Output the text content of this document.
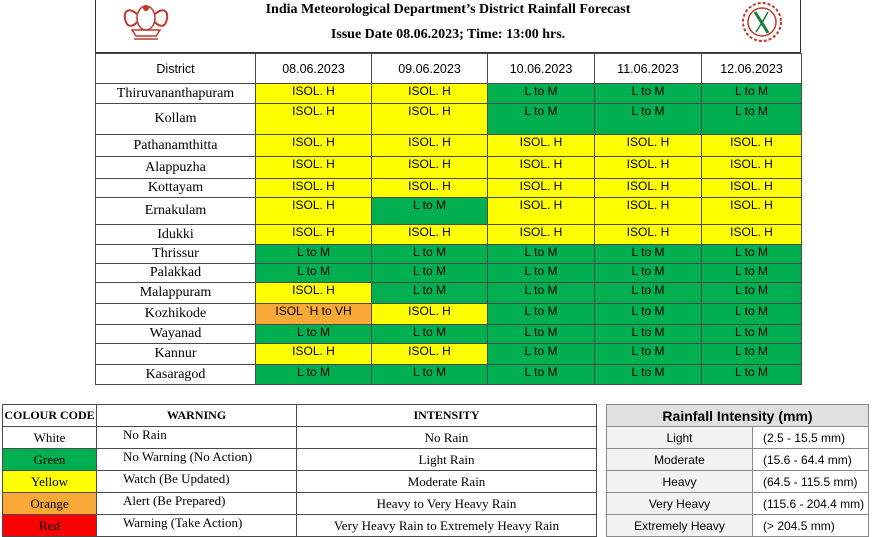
India Meteorological Department’s District Rainfall Forecast
Issue Date 08.06.2023; Time: 13:00 hrs.
District	08.06.2023	09.06.2023	10.06.2023	11.06.2023	12.06.2023
Thiruvananthapuram	ISOL. H	ISOL. H	L to M	L to M	L to M
Kollam	ISOL. H	ISOL. H	L to M	L to M	L to M
Pathanamthitta	ISOL. H	ISOL. H	ISOL. H	ISOL. H	ISOL. H
Alappuzha	ISOL. H	ISOL. H	ISOL. H	ISOL. H	ISOL. H
Kottayam	ISOL. H	ISOL. H	ISOL. H	ISOL. H	ISOL. H
Ernakulam	ISOL. H	L to M	ISOL. H	ISOL. H	ISOL. H
Idukki	ISOL. H	ISOL. H	ISOL. H	ISOL. H	ISOL. H
Thrissur	L to M	L to M	L to M	L to M	L to M
Palakkad	L to M	L to M	L to M	L to M	L to M
Malappuram	ISOL. H	L to M	L to M	L to M	L to M
Kozhikode	ISOL `H to VH	ISOL. H	L to M	L to M	L to M
Wayanad	L to M	L to M	L to M	L to M	L to M
Kannur	ISOL. H	ISOL. H	L to M	L to M	L to M
Kasaragod	L to M	L to M	L to M	L to M	L to M
COLOUR CODE	WARNING	INTENSITY
White	No Rain	No Rain
Green	No Warning (No Action)	Light Rain
Yellow	Watch (Be Updated)	Moderate Rain
Orange	Alert (Be Prepared)	Heavy to Very Heavy Rain
Red	Warning (Take Action)	Very Heavy Rain to Extremely Heavy Rain
Rainfall Intensity (mm)	
Light	(2.5 - 15.5 mm)
Moderate	(15.6 - 64.4 mm)
Heavy	(64.5 - 115.5 mm)
Very Heavy	(115.6 - 204.4 mm)
Extremely Heavy	(> 204.5 mm)
